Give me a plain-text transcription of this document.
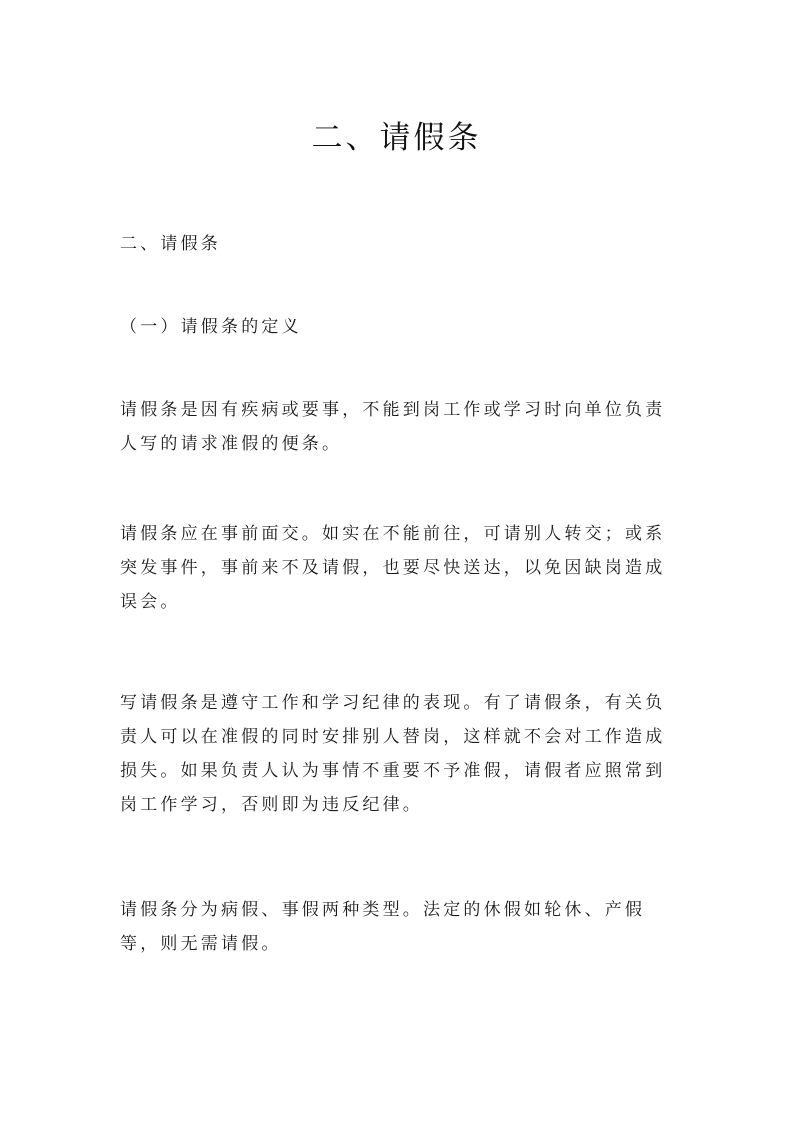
二、请假条

二、请假条

（一）请假条的定义

请假条是因有疾病或要事，不能到岗工作或学习时向单位负责人写的请求准假的便条。

请假条应在事前面交。如实在不能前往，可请别人转交；或系突发事件，事前来不及请假，也要尽快送达，以免因缺岗造成误会。

写请假条是遵守工作和学习纪律的表现。有了请假条，有关负责人可以在准假的同时安排别人替岗，这样就不会对工作造成损失。如果负责人认为事情不重要不予准假，请假者应照常到岗工作学习，否则即为违反纪律。

请假条分为病假、事假两种类型。法定的休假如轮休、产假等，则无需请假。
